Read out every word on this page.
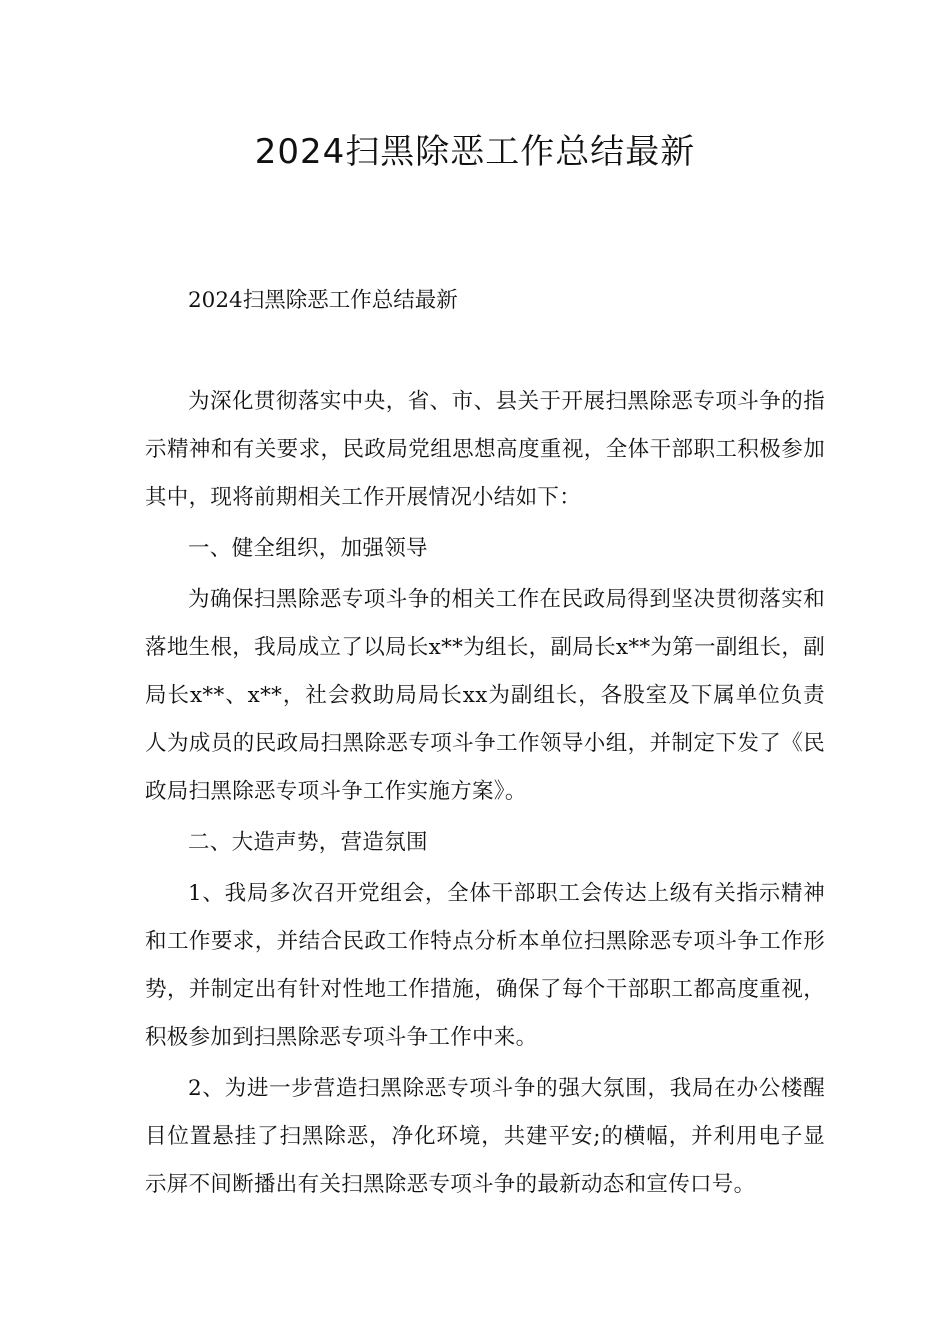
2024扫黑除恶工作总结最新

2024扫黑除恶工作总结最新

为深化贯彻落实中央，省、市、县关于开展扫黑除恶专项斗争的指示精神和有关要求，民政局党组思想高度重视，全体干部职工积极参加其中，现将前期相关工作开展情况小结如下：

一、健全组织，加强领导

为确保扫黑除恶专项斗争的相关工作在民政局得到坚决贯彻落实和落地生根，我局成立了以局长x**为组长，副局长x**为第一副组长，副局长x**、x**，社会救助局局长xx为副组长，各股室及下属单位负责人为成员的民政局扫黑除恶专项斗争工作领导小组，并制定下发了《民政局扫黑除恶专项斗争工作实施方案》。

二、大造声势，营造氛围

1、我局多次召开党组会，全体干部职工会传达上级有关指示精神和工作要求，并结合民政工作特点分析本单位扫黑除恶专项斗争工作形势，并制定出有针对性地工作措施，确保了每个干部职工都高度重视，积极参加到扫黑除恶专项斗争工作中来。

2、为进一步营造扫黑除恶专项斗争的强大氛围，我局在办公楼醒目位置悬挂了扫黑除恶，净化环境，共建平安;的横幅，并利用电子显示屏不间断播出有关扫黑除恶专项斗争的最新动态和宣传口号。
